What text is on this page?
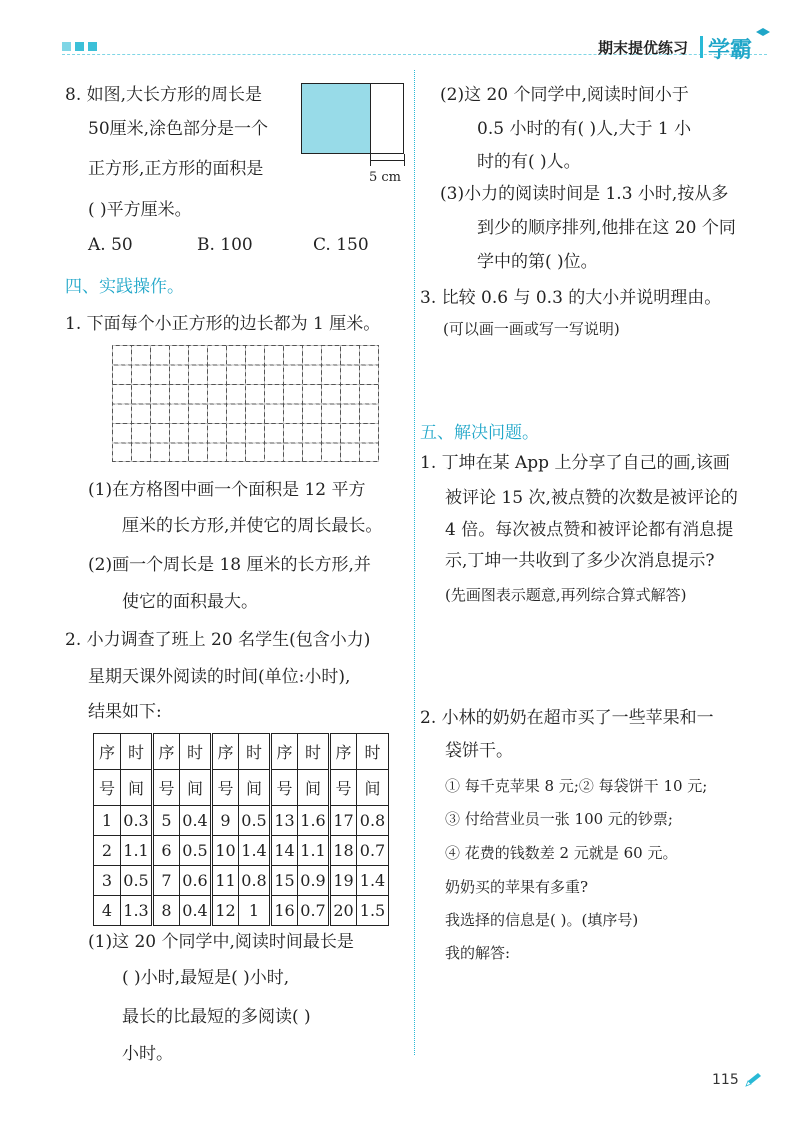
期末提优练习 学霸
8. 如图,大长方形的周长是
50厘米,涂色部分是一个
正方形,正方形的面积是
( )平方厘米。
5 cm
A. 50	B. 100	C. 150
四、实践操作。
1. 下面每个小正方形的边长都为 1 厘米。
(1)在方格图中画一个面积是 12 平方
厘米的长方形,并使它的周长最长。
(2)画一个周长是 18 厘米的长方形,并
使它的面积最大。
2. 小力调查了班上 20 名学生(包含小力)
星期天课外阅读的时间(单位:小时),
结果如下:
序	时	序	时	序	时	序	时	序	时
号	间	号	间	号	间	号	间	号	间
1	0.3	5	0.4	9	0.5	13	1.6	17	0.8
2	1.1	6	0.5	10	1.4	14	1.1	18	0.7
3	0.5	7	0.6	11	0.8	15	0.9	19	1.4
4	1.3	8	0.4	12	1	16	0.7	20	1.5
(1)这 20 个同学中,阅读时间最长是
( )小时,最短是( )小时,
最长的比最短的多阅读( )
小时。
(2)这 20 个同学中,阅读时间小于
0.5 小时的有( )人,大于 1 小
时的有( )人。
(3)小力的阅读时间是 1.3 小时,按从多
到少的顺序排列,他排在这 20 个同
学中的第( )位。
3. 比较 0.6 与 0.3 的大小并说明理由。
(可以画一画或写一写说明)
五、解决问题。
1. 丁坤在某 App 上分享了自己的画,该画
被评论 15 次,被点赞的次数是被评论的
4 倍。每次被点赞和被评论都有消息提
示,丁坤一共收到了多少次消息提示?
(先画图表示题意,再列综合算式解答)
2. 小林的奶奶在超市买了一些苹果和一
袋饼干。
① 每千克苹果 8 元;② 每袋饼干 10 元;
③ 付给营业员一张 100 元的钞票;
④ 花费的钱数差 2 元就是 60 元。
奶奶买的苹果有多重?
我选择的信息是( )。(填序号)
我的解答:
115
